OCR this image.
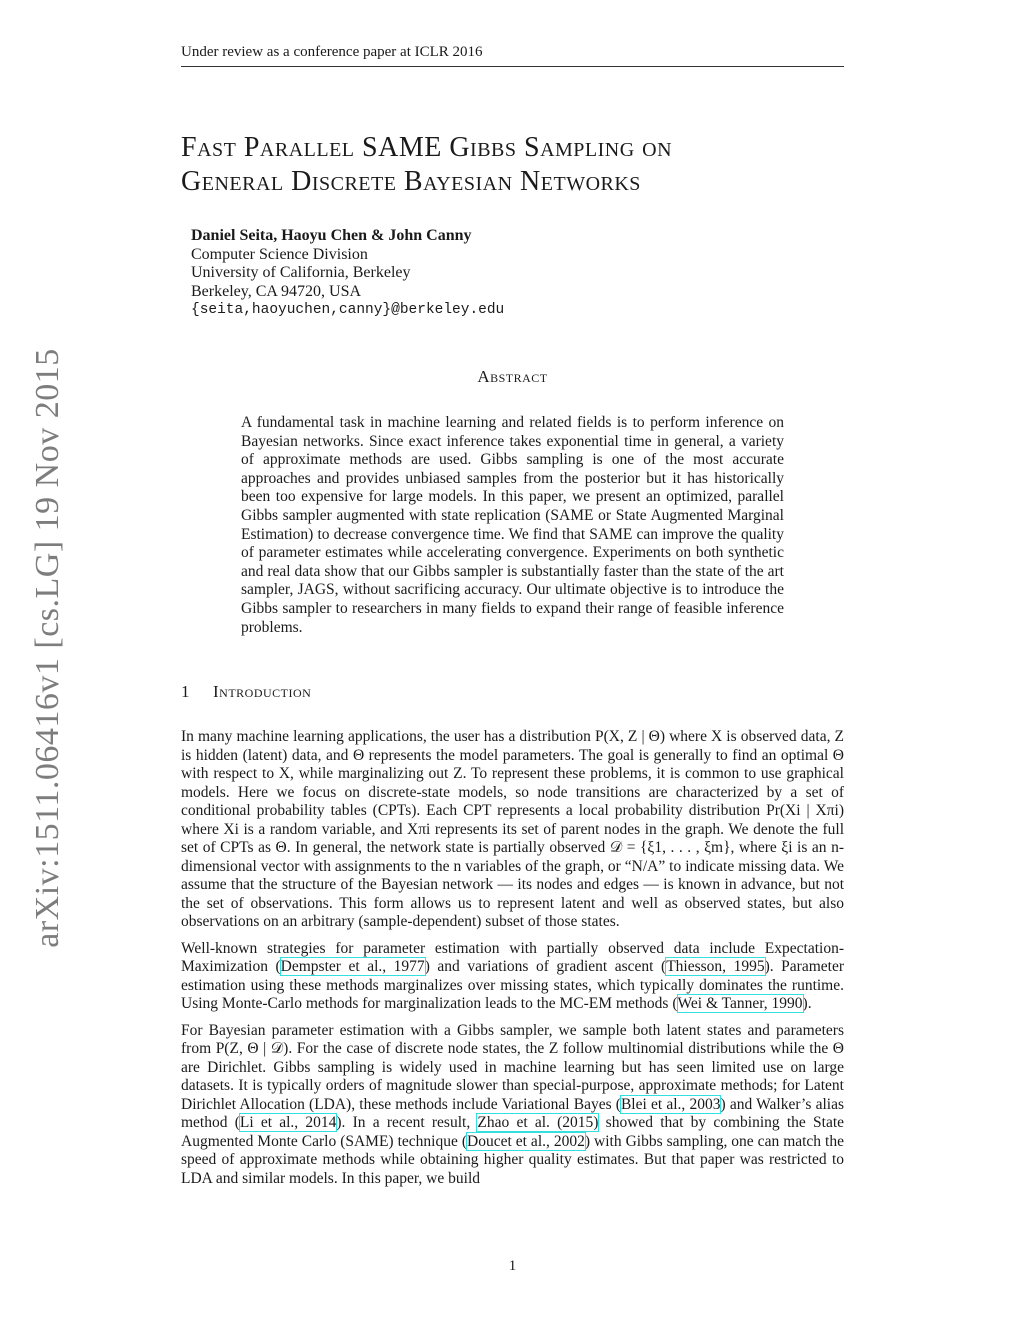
Under review as a conference paper at ICLR 2016
arXiv:1511.06416v1 [cs.LG] 19 Nov 2015
Fast Parallel SAME Gibbs Sampling on
General Discrete Bayesian Networks
Daniel Seita, Haoyu Chen & John Canny
Computer Science Division
University of California, Berkeley
Berkeley, CA 94720, USA
{seita,haoyuchen,canny}@berkeley.edu
Abstract

A fundamental task in machine learning and related fields is to perform inference on Bayesian networks. Since exact inference takes exponential time in general, a variety of approximate methods are used. Gibbs sampling is one of the most accurate approaches and provides unbiased samples from the posterior but it has historically been too expensive for large models. In this paper, we present an optimized, parallel Gibbs sampler augmented with state replication (SAME or State Augmented Marginal Estimation) to decrease convergence time. We find that SAME can improve the quality of parameter estimates while accelerating convergence. Experiments on both synthetic and real data show that our Gibbs sampler is substantially faster than the state of the art sampler, JAGS, without sacrificing accuracy. Our ultimate objective is to introduce the Gibbs sampler to researchers in many fields to expand their range of feasible inference problems.

1 Introduction

In many machine learning applications, the user has a distribution P(X, Z | Θ) where X is observed data, Z is hidden (latent) data, and Θ represents the model parameters. The goal is generally to find an optimal Θ with respect to X, while marginalizing out Z. To represent these problems, it is common to use graphical models. Here we focus on discrete-state models, so node transitions are characterized by a set of conditional probability tables (CPTs). Each CPT represents a local probability distribution Pr(Xi | Xπi) where Xi is a random variable, and Xπi represents its set of parent nodes in the graph. We denote the full set of CPTs as Θ. In general, the network state is partially observed 𝒟 = {ξ1, . . . , ξm}, where ξi is an n-dimensional vector with assignments to the n variables of the graph, or “N/A” to indicate missing data. We assume that the structure of the Bayesian network — its nodes and edges — is known in advance, but not the set of observations. This form allows us to represent latent and well as observed states, but also observations on an arbitrary (sample-dependent) subset of those states.

Well-known strategies for parameter estimation with partially observed data include Expectation-Maximization (Dempster et al., 1977) and variations of gradient ascent (Thiesson, 1995). Parameter estimation using these methods marginalizes over missing states, which typically dominates the runtime. Using Monte-Carlo methods for marginalization leads to the MC-EM methods (Wei & Tanner, 1990).

For Bayesian parameter estimation with a Gibbs sampler, we sample both latent states and parameters from P(Z, Θ | 𝒟). For the case of discrete node states, the Z follow multinomial distributions while the Θ are Dirichlet. Gibbs sampling is widely used in machine learning but has seen limited use on large datasets. It is typically orders of magnitude slower than special-purpose, approximate methods; for Latent Dirichlet Allocation (LDA), these methods include Variational Bayes (Blei et al., 2003) and Walker’s alias method (Li et al., 2014). In a recent result, Zhao et al. (2015) showed that by combining the State Augmented Monte Carlo (SAME) technique (Doucet et al., 2002) with Gibbs sampling, one can match the speed of approximate methods while obtaining higher quality estimates. But that paper was restricted to LDA and similar models. In this paper, we build

1
